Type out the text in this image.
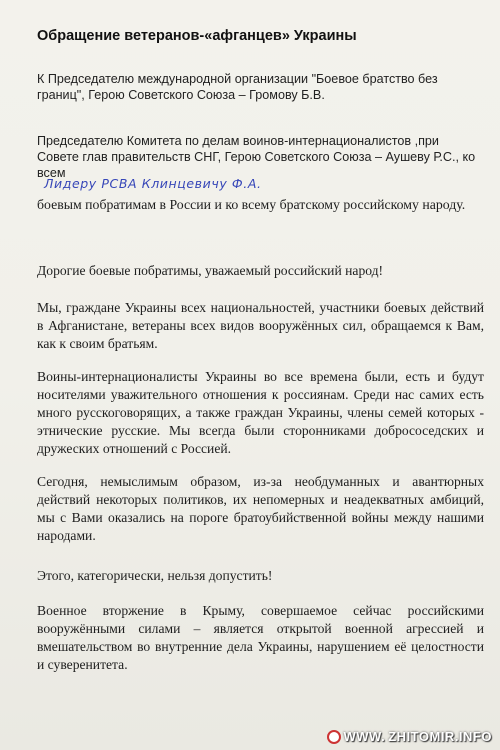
Обращение ветеранов-«афганцев» Украины
К Председателю международной организации "Боевое братство без границ", Герою Советского Союза – Громову Б.В.
Председателю Комитета по делам воинов-интернационалистов ,при Совете глав правительств СНГ, Герою Советского Союза – Аушеву Р.С., ко всем
Лидеру РСВА Клинцевичу Ф.А.
боевым побратимам в России и ко всему братскому российскому народу.
Дорогие боевые побратимы, уважаемый российский народ!
Мы, граждане Украины всех национальностей, участники боевых действий в Афганистане, ветераны всех видов вооружённых сил, обращаемся к Вам, как к своим братьям.
Воины-интернационалисты Украины во все времена были, есть и будут носителями уважительного отношения к россиянам. Среди нас самих есть много русскоговорящих, а также граждан Украины, члены семей которых - этнические русские. Мы всегда были сторонниками добрососедских и дружеских отношений с Россией.
Сегодня, немыслимым образом, из-за необдуманных и авантюрных действий некоторых политиков, их непомерных и неадекватных амбиций, мы с Вами оказались на пороге братоубийственной войны между нашими народами.
Этого, категорически, нельзя допустить!
Военное вторжение в Крыму, совершаемое сейчас российскими вооружёнными силами – является открытой военной агрессией и вмешательством во внутренние дела Украины, нарушением её целостности и суверенитета.
WWW. ZHITOMIR.INFO
